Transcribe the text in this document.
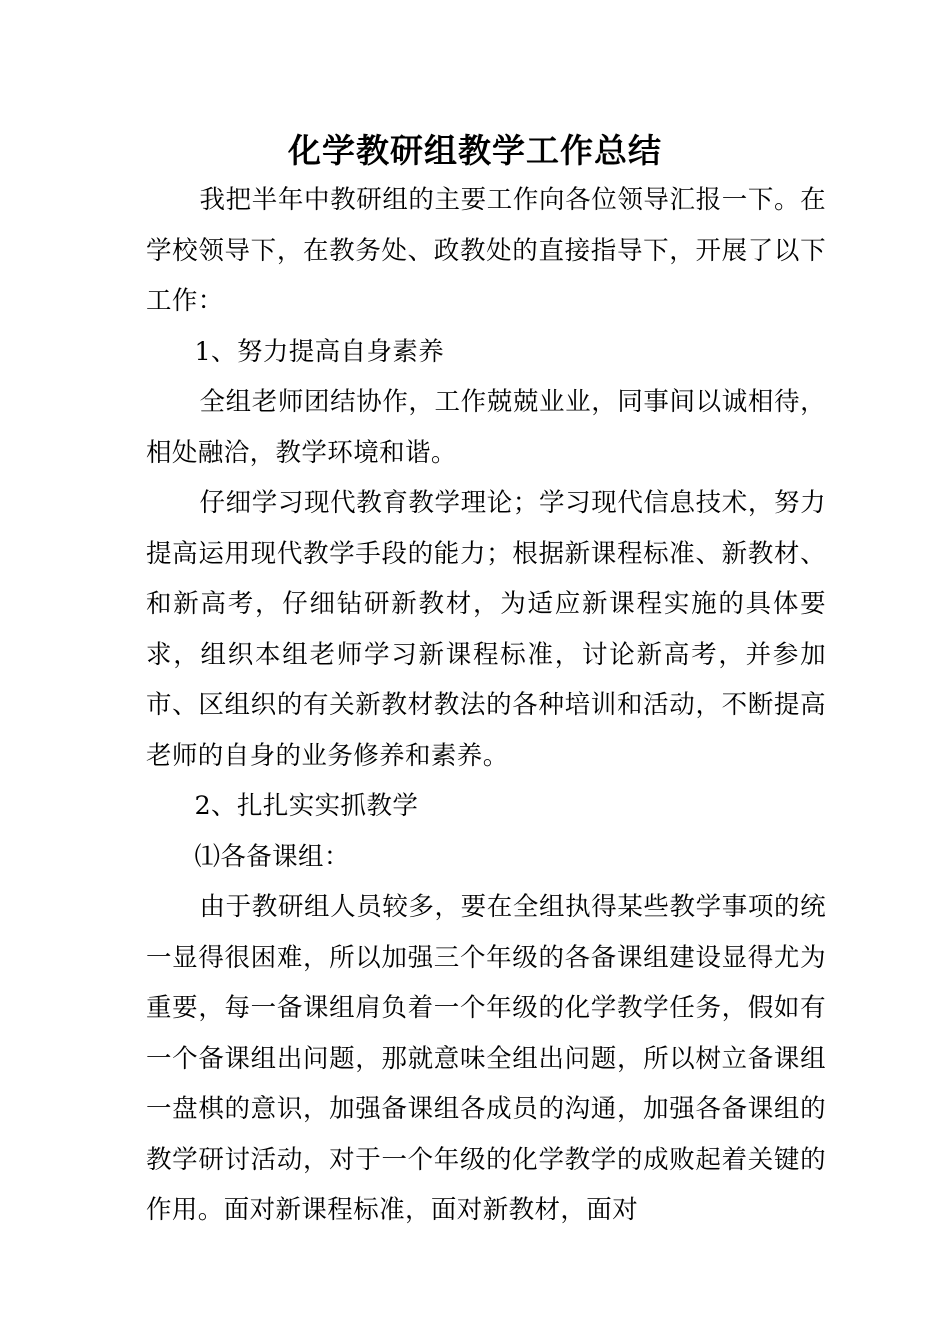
化学教研组教学工作总结

我把半年中教研组的主要工作向各位领导汇报一下。在学校领导下，在教务处、政教处的直接指导下，开展了以下工作：

1、努力提高自身素养

全组老师团结协作，工作兢兢业业，同事间以诚相待，相处融洽，教学环境和谐。

仔细学习现代教育教学理论；学习现代信息技术，努力提高运用现代教学手段的能力；根据新课程标准、新教材、和新高考，仔细钻研新教材，为适应新课程实施的具体要求，组织本组老师学习新课程标准，讨论新高考，并参加市、区组织的有关新教材教法的各种培训和活动，不断提高老师的自身的业务修养和素养。

2、扎扎实实抓教学

⑴各备课组：

由于教研组人员较多，要在全组执得某些教学事项的统一显得很困难，所以加强三个年级的各备课组建设显得尤为重要，每一备课组肩负着一个年级的化学教学任务，假如有一个备课组出问题，那就意味全组出问题，所以树立备课组一盘棋的意识，加强备课组各成员的沟通，加强各备课组的教学研讨活动，对于一个年级的化学教学的成败起着关键的作用。面对新课程标准，面对新教材，面对
